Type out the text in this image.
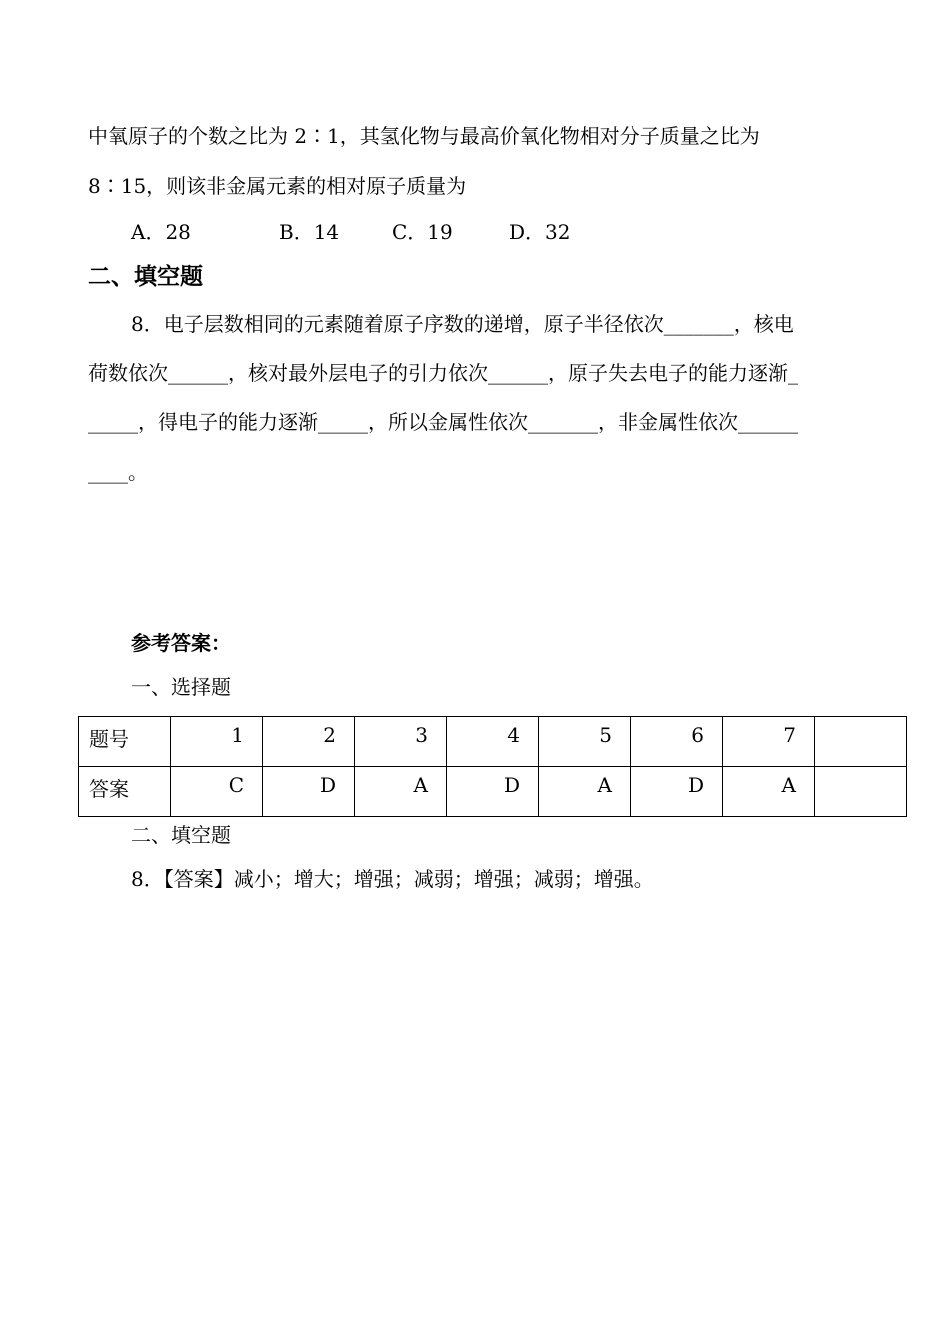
中氧原子的个数之比为 2∶1，其氢化物与最高价氧化物相对分子质量之比为
8∶15，则该非金属元素的相对原子质量为
A．28	B．14	C．19	D．32
二、填空题
8．电子层数相同的元素随着原子序数的递增，原子半径依次_______，核电
荷数依次______，核对最外层电子的引力依次______，原子失去电子的能力逐渐_
_____，得电子的能力逐渐_____，所以金属性依次_______，非金属性依次______
____。
参考答案：
一、选择题
题号	1	2	3	4	5	6	7	
答案	C	D	A	D	A	D	A	
二、填空题
8．【答案】减小；增大；增强；减弱；增强；减弱；增强。
